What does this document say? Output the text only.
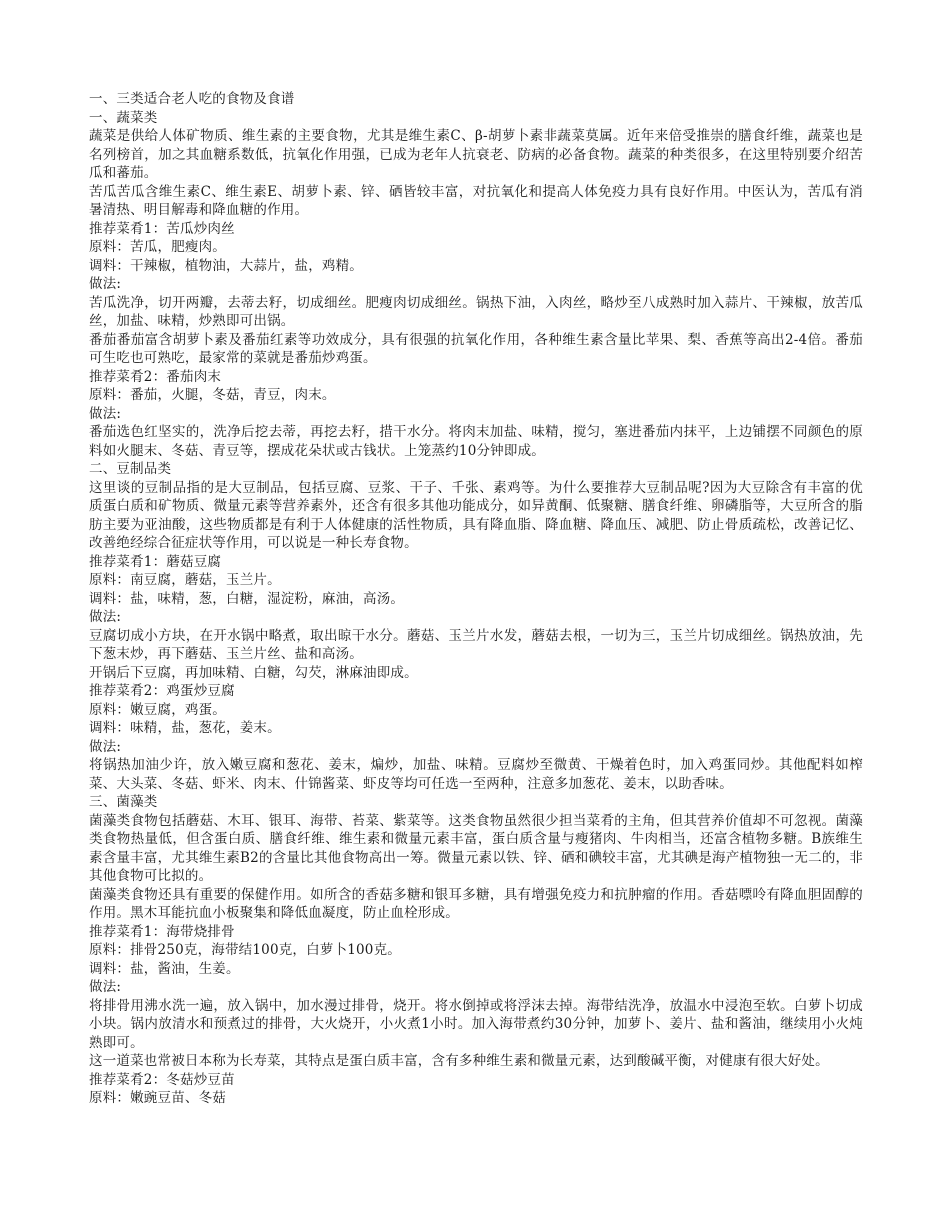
一、三类适合老人吃的食物及食谱

一、蔬菜类

蔬菜是供给人体矿物质、维生素的主要食物，尤其是维生素C、β-胡萝卜素非蔬菜莫属。近年来倍受推崇的膳食纤维，蔬菜也是名列榜首，加之其血糖系数低，抗氧化作用强，已成为老年人抗衰老、防病的必备食物。蔬菜的种类很多，在这里特别要介绍苦瓜和蕃茄。

苦瓜苦瓜含维生素C、维生素E、胡萝卜素、锌、硒皆较丰富，对抗氧化和提高人体免疫力具有良好作用。中医认为，苦瓜有消暑清热、明目解毒和降血糖的作用。

推荐菜肴1：苦瓜炒肉丝

原料：苦瓜，肥瘦肉。

调料：干辣椒，植物油，大蒜片，盐，鸡精。

做法:

苦瓜洗净，切开两瓣，去蒂去籽，切成细丝。肥瘦肉切成细丝。锅热下油，入肉丝，略炒至八成熟时加入蒜片、干辣椒，放苦瓜丝，加盐、味精，炒熟即可出锅。

番茄番茄富含胡萝卜素及番茄红素等功效成分，具有很强的抗氧化作用，各种维生素含量比苹果、梨、香蕉等高出2-4倍。番茄可生吃也可熟吃，最家常的菜就是番茄炒鸡蛋。

推荐菜肴2：番茄肉末

原料：番茄，火腿，冬菇，青豆，肉末。

做法:

番茄选色红坚实的，洗净后挖去蒂，再挖去籽，措干水分。将肉末加盐、味精，搅匀，塞进番茄内抹平，上边铺摆不同颜色的原料如火腿末、冬菇、青豆等，摆成花朵状或古钱状。上笼蒸约10分钟即成。

二、豆制品类

这里谈的豆制品指的是大豆制品，包括豆腐、豆浆、干子、千张、素鸡等。为什么要推荐大豆制品呢?因为大豆除含有丰富的优质蛋白质和矿物质、微量元素等营养素外，还含有很多其他功能成分，如异黄酮、低聚糖、膳食纤维、卵磷脂等，大豆所含的脂肪主要为亚油酸，这些物质都是有利于人体健康的活性物质，具有降血脂、降血糖、降血压、减肥、防止骨质疏松，改善记忆、改善绝经综合征症状等作用，可以说是一种长寿食物。

推荐菜肴1：蘑菇豆腐

原料：南豆腐，蘑菇，玉兰片。

调料：盐，味精，葱，白糖，湿淀粉，麻油，高汤。

做法:

豆腐切成小方块，在开水锅中略煮，取出晾干水分。蘑菇、玉兰片水发，蘑菇去根，一切为三，玉兰片切成细丝。锅热放油，先下葱末炒，再下蘑菇、玉兰片丝、盐和高汤。

开锅后下豆腐，再加味精、白糖，勾芡，淋麻油即成。

推荐菜肴2：鸡蛋炒豆腐

原料：嫩豆腐，鸡蛋。

调料：味精，盐，葱花，姜末。

做法:

将锅热加油少许，放入嫩豆腐和葱花、姜末，煸炒，加盐、味精。豆腐炒至微黄、干燥着色时，加入鸡蛋同炒。其他配料如榨菜、大头菜、冬菇、虾米、肉末、什锦酱菜、虾皮等均可任选一至两种，注意多加葱花、姜末，以助香味。

三、菌藻类

菌藻类食物包括蘑菇、木耳、银耳、海带、苔菜、紫菜等。这类食物虽然很少担当菜肴的主角，但其营养价值却不可忽视。菌藻类食物热量低，但含蛋白质、膳食纤维、维生素和微量元素丰富，蛋白质含量与瘦猪肉、牛肉相当，还富含植物多糖。B族维生素含量丰富，尤其维生素B2的含量比其他食物高出一筹。微量元素以铁、锌、硒和碘较丰富，尤其碘是海产植物独一无二的，非其他食物可比拟的。

菌藻类食物还具有重要的保健作用。如所含的香菇多糖和银耳多糖，具有增强免疫力和抗肿瘤的作用。香菇嘌呤有降血胆固醇的作用。黑木耳能抗血小板聚集和降低血凝度，防止血栓形成。

推荐菜肴1：海带烧排骨

原料：排骨250克，海带结100克，白萝卜100克。

调料：盐，酱油，生姜。

做法:

将排骨用沸水洗一遍，放入锅中，加水漫过排骨，烧开。将水倒掉或将浮沫去掉。海带结洗净，放温水中浸泡至软。白萝卜切成小块。锅内放清水和预煮过的排骨，大火烧开，小火煮1小时。加入海带煮约30分钟，加萝卜、姜片、盐和酱油，继续用小火炖熟即可。

这一道菜也常被日本称为长寿菜，其特点是蛋白质丰富，含有多种维生素和微量元素，达到酸碱平衡，对健康有很大好处。

推荐菜肴2：冬菇炒豆苗

原料：嫩豌豆苗、冬菇
